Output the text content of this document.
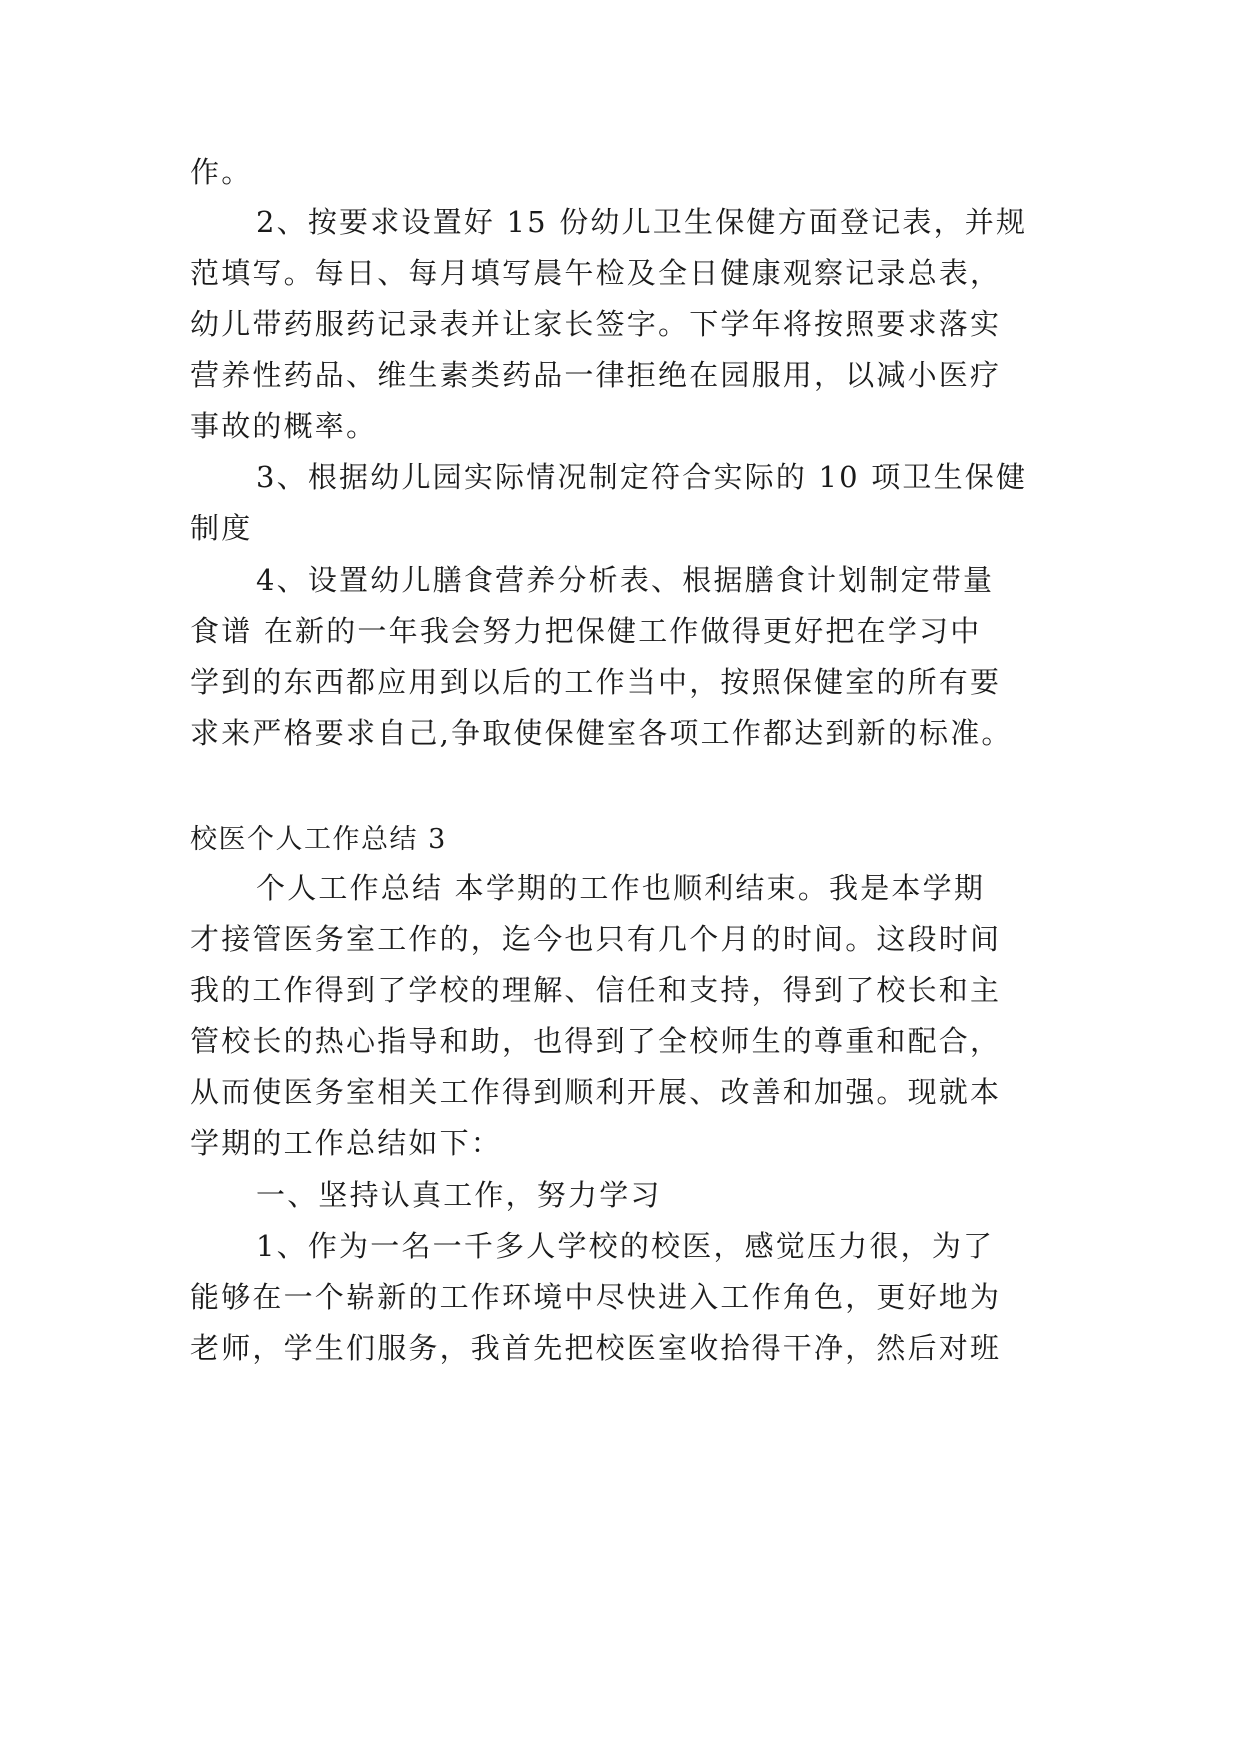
作。
2、按要求设置好 15 份幼儿卫生保健方面登记表，并规
范填写。每日、每月填写晨午检及全日健康观察记录总表，
幼儿带药服药记录表并让家长签字。下学年将按照要求落实
营养性药品、维生素类药品一律拒绝在园服用，以减小医疗
事故的概率。
3、根据幼儿园实际情况制定符合实际的 10 项卫生保健
制度
4、设置幼儿膳食营养分析表、根据膳食计划制定带量
食谱 在新的一年我会努力把保健工作做得更好把在学习中
学到的东西都应用到以后的工作当中，按照保健室的所有要
求来严格要求自己,争取使保健室各项工作都达到新的标准。
校医个人工作总结 3
个人工作总结 本学期的工作也顺利结束。我是本学期
才接管医务室工作的，迄今也只有几个月的时间。这段时间
我的工作得到了学校的理解、信任和支持，得到了校长和主
管校长的热心指导和助，也得到了全校师生的尊重和配合，
从而使医务室相关工作得到顺利开展、改善和加强。现就本
学期的工作总结如下：
一、坚持认真工作，努力学习
1、作为一名一千多人学校的校医，感觉压力很，为了
能够在一个崭新的工作环境中尽快进入工作角色，更好地为
老师，学生们服务，我首先把校医室收拾得干净，然后对班
